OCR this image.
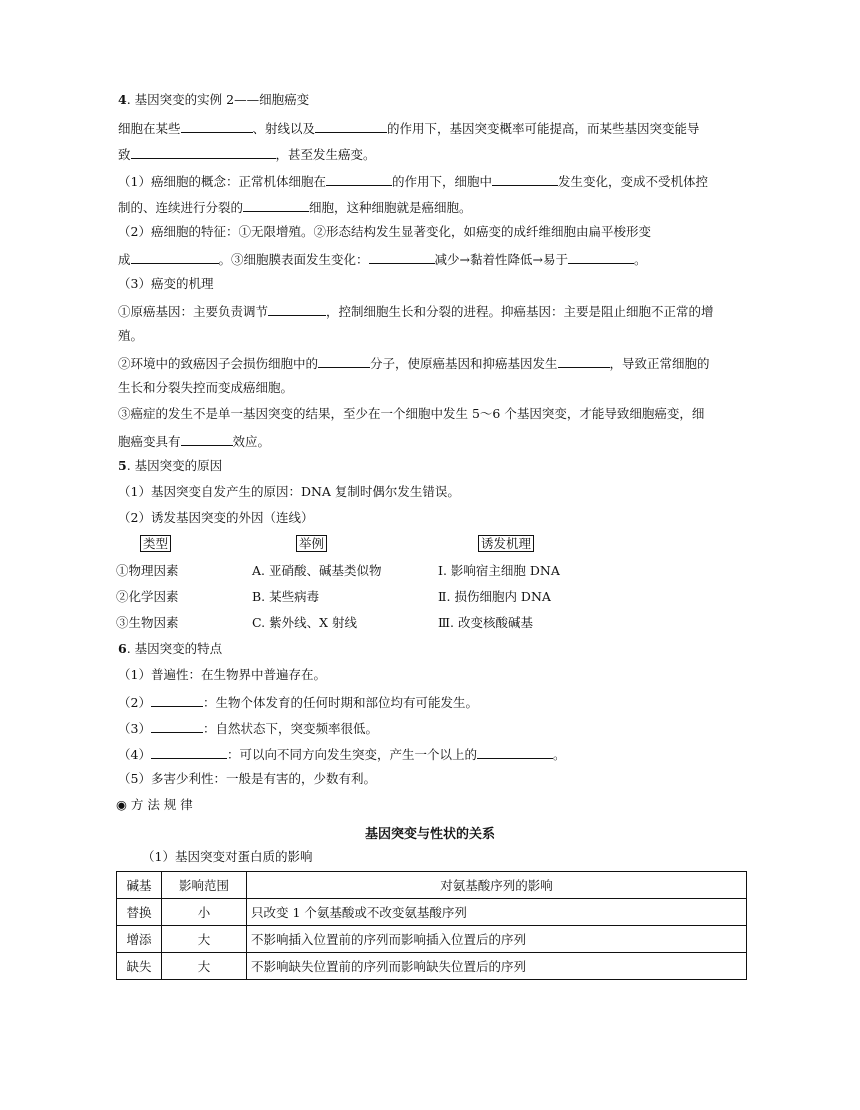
4. 基因突变的实例 2——细胞癌变
细胞在某些	、射线以及	的作用下，基因突变概率可能提高，而某些基因突变能导
致	，甚至发生癌变。
（1）癌细胞的概念：正常机体细胞在	的作用下，细胞中	发生变化，变成不受机体控
制的、连续进行分裂的	细胞，这种细胞就是癌细胞。
（2）癌细胞的特征：①无限增殖。②形态结构发生显著变化，如癌变的成纤维细胞由扁平梭形变
成	。③细胞膜表面发生变化：	减少→黏着性降低→易于	。
（3）癌变的机理
①原癌基因：主要负责调节	，控制细胞生长和分裂的进程。抑癌基因：主要是阻止细胞不正常的增
殖。
②环境中的致癌因子会损伤细胞中的	分子，使原癌基因和抑癌基因发生	，导致正常细胞的
生长和分裂失控而变成癌细胞。
③癌症的发生不是单一基因突变的结果，至少在一个细胞中发生 5～6 个基因突变，才能导致细胞癌变，细
胞癌变具有	效应。
5. 基因突变的原因
（1）基因突变自发产生的原因：DNA 复制时偶尔发生错误。
（2）诱发基因突变的外因（连线）
类型	举例	诱发机理
①物理因素	A. 亚硝酸、碱基类似物	Ⅰ. 影响宿主细胞 DNA
②化学因素	B. 某些病毒	Ⅱ. 损伤细胞内 DNA
③生物因素	C. 紫外线、X 射线	Ⅲ. 改变核酸碱基
6. 基因突变的特点
（1）普遍性：在生物界中普遍存在。
（2）	：生物个体发育的任何时期和部位均有可能发生。
（3）	：自然状态下，突变频率很低。
（4）	：可以向不同方向发生突变，产生一个以上的	。
（5）多害少利性：一般是有害的，少数有利。
◉ 方 法 规 律
基因突变与性状的关系
（1）基因突变对蛋白质的影响
碱基	影响范围	对氨基酸序列的影响
替换	小	只改变 1 个氨基酸或不改变氨基酸序列
增添	大	不影响插入位置前的序列而影响插入位置后的序列
缺失	大	不影响缺失位置前的序列而影响缺失位置后的序列
